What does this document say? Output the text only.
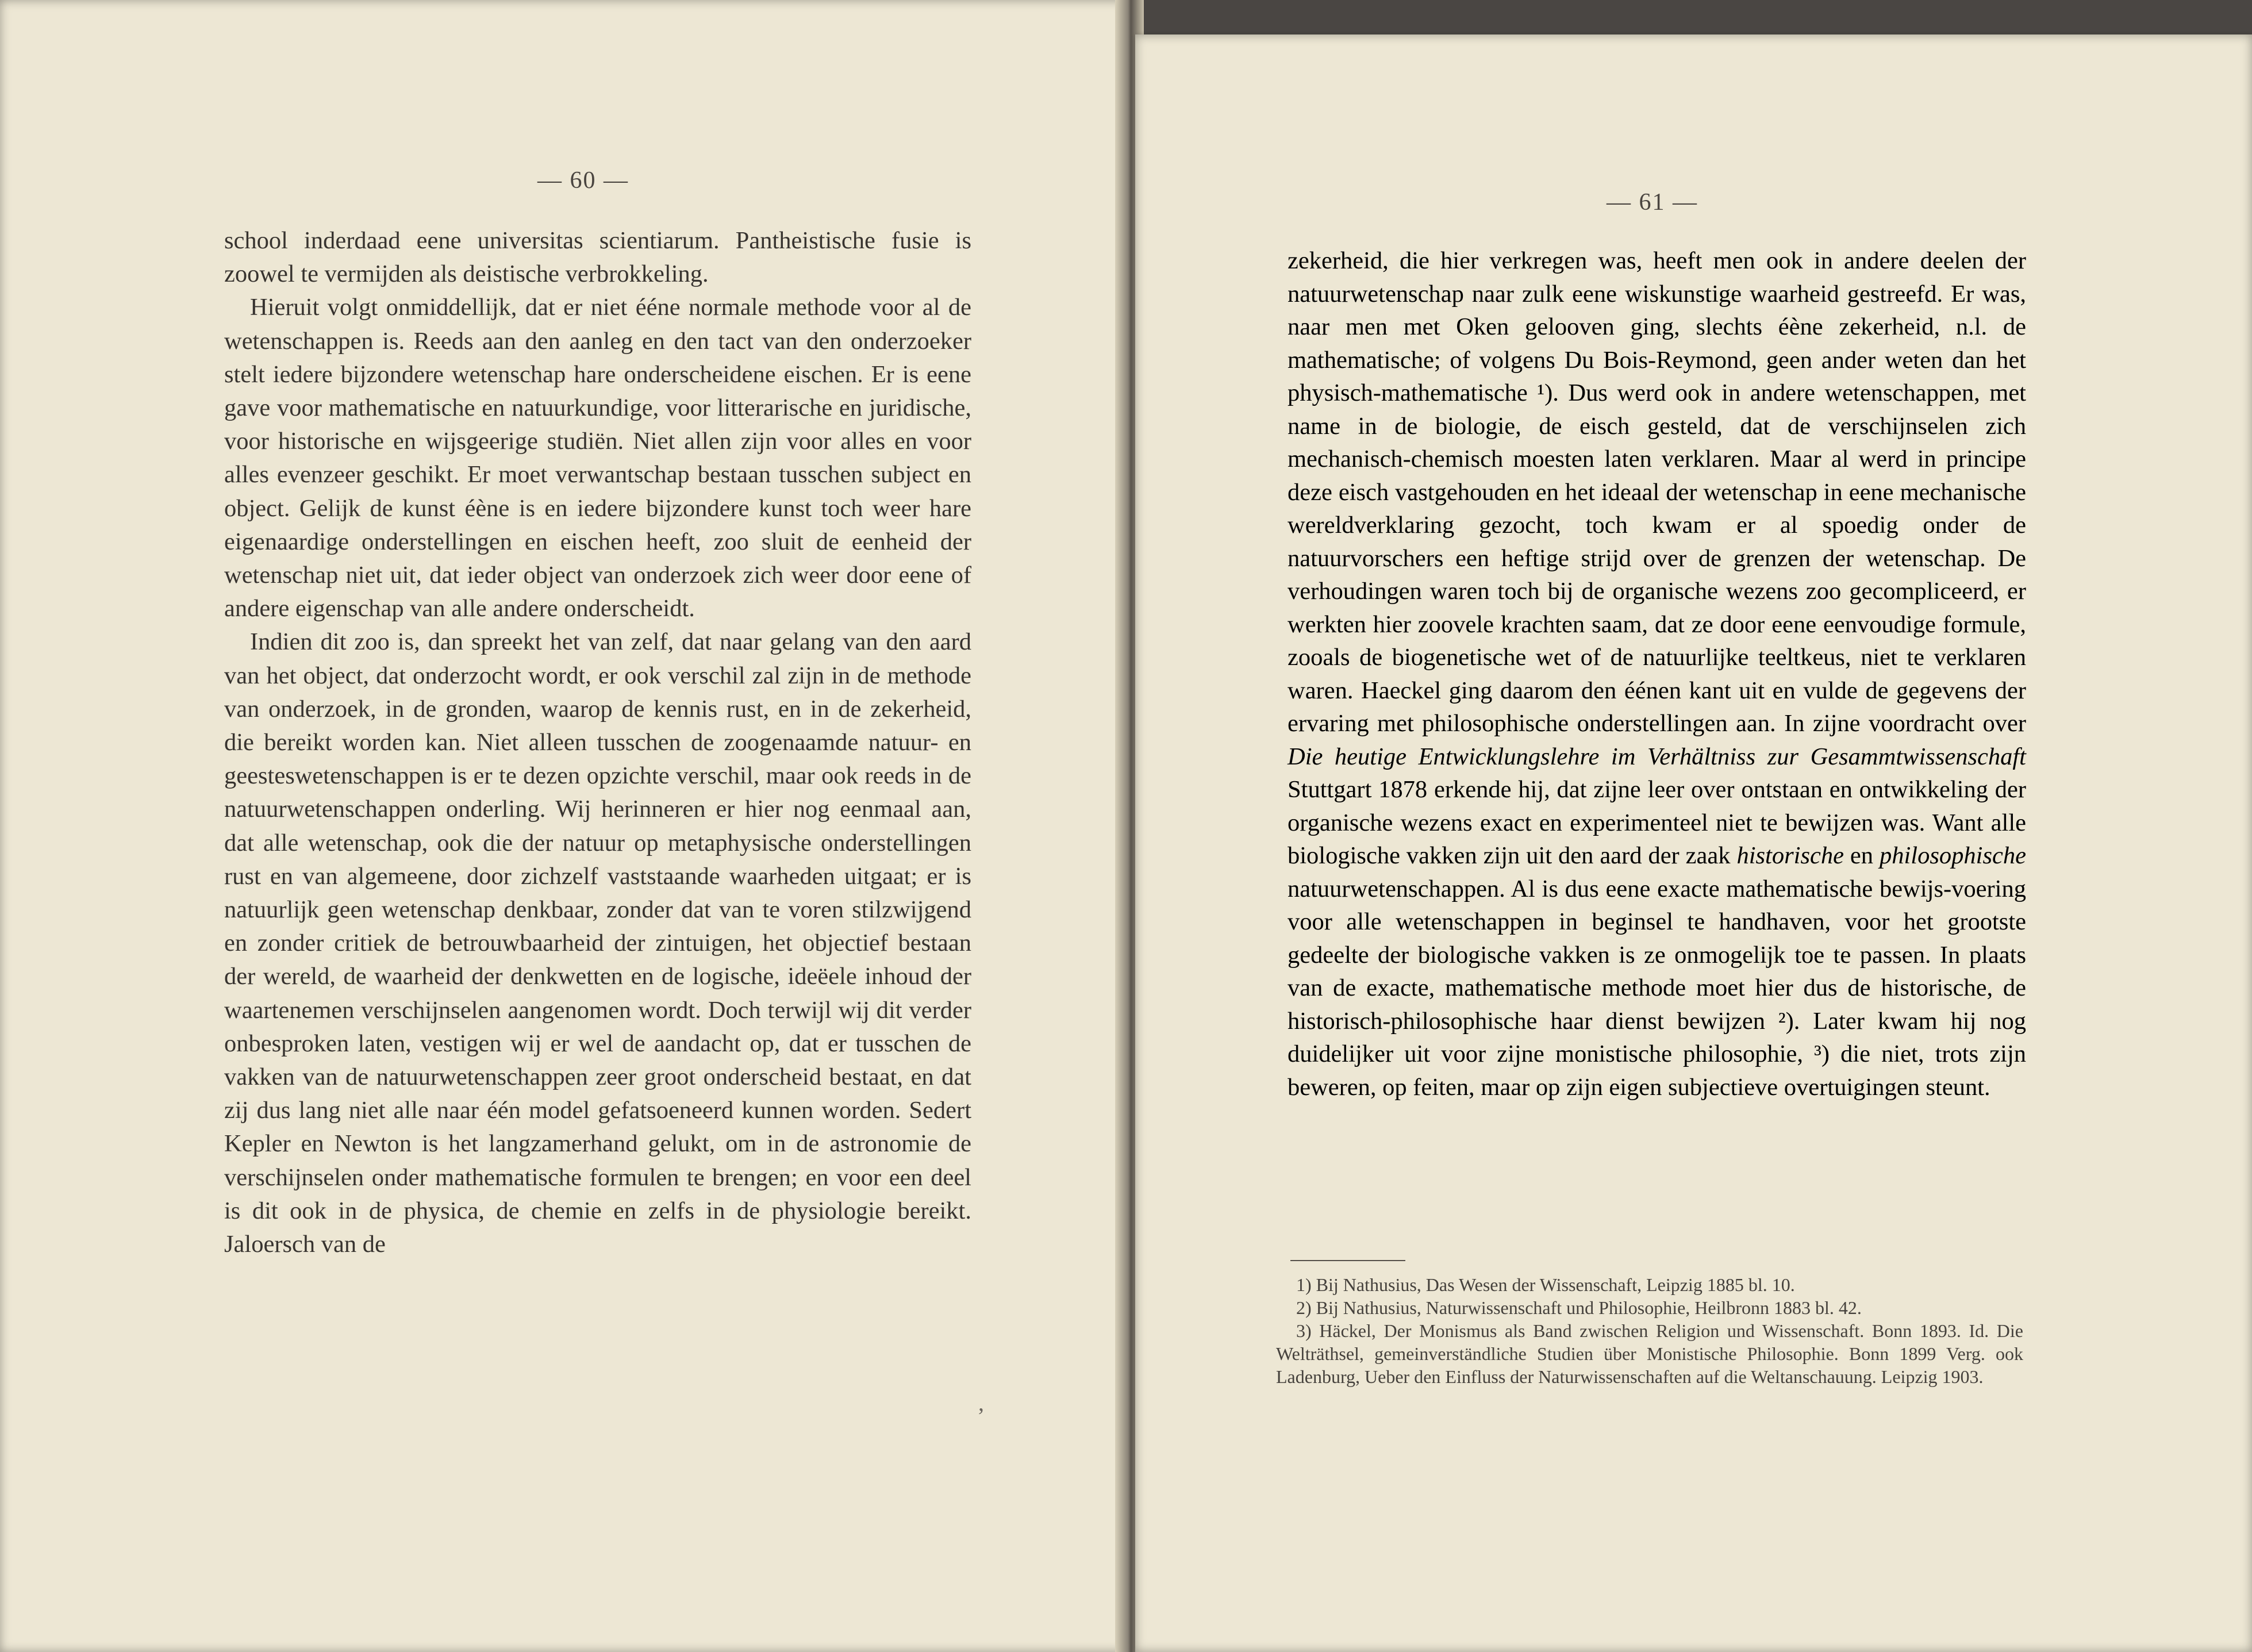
— 60 —

school inderdaad eene universitas scientiarum. Pantheistische fusie is zoowel te vermijden als deistische verbrokkeling.

Hieruit volgt onmiddellijk, dat er niet ééne normale methode voor al de wetenschappen is. Reeds aan den aanleg en den tact van den onderzoeker stelt iedere bijzondere wetenschap hare onderscheidene eischen. Er is eene gave voor mathematische en natuurkundige, voor litterarische en juridische, voor historische en wijsgeerige studiën. Niet allen zijn voor alles en voor alles evenzeer geschikt. Er moet verwantschap bestaan tusschen subject en object. Gelijk de kunst éène is en iedere bijzondere kunst toch weer hare eigenaardige onderstellingen en eischen heeft, zoo sluit de eenheid der wetenschap niet uit, dat ieder object van onderzoek zich weer door eene of andere eigenschap van alle andere onderscheidt.

Indien dit zoo is, dan spreekt het van zelf, dat naar gelang van den aard van het object, dat onderzocht wordt, er ook verschil zal zijn in de methode van onderzoek, in de gronden, waarop de kennis rust, en in de zekerheid, die bereikt worden kan. Niet alleen tusschen de zoogenaamde natuur- en geesteswetenschappen is er te dezen opzichte verschil, maar ook reeds in de natuurwetenschappen onderling. Wij herinneren er hier nog eenmaal aan, dat alle wetenschap, ook die der natuur op metaphysische onderstellingen rust en van algemeene, door zichzelf vaststaande waarheden uitgaat; er is natuurlijk geen wetenschap denkbaar, zonder dat van te voren stilzwijgend en zonder critiek de betrouwbaarheid der zintuigen, het objectief bestaan der wereld, de waarheid der denkwetten en de logische, ideëele inhoud der waartenemen verschijnselen aangenomen wordt. Doch terwijl wij dit verder onbesproken laten, vestigen wij er wel de aandacht op, dat er tusschen de vakken van de natuurwetenschappen zeer groot onderscheid bestaat, en dat zij dus lang niet alle naar één model gefatsoeneerd kunnen worden. Sedert Kepler en Newton is het langzamerhand gelukt, om in de astronomie de verschijnselen onder mathematische formulen te brengen; en voor een deel is dit ook in de physica, de chemie en zelfs in de physiologie bereikt. Jaloersch van de

ʼ
— 61 —

zekerheid, die hier verkregen was, heeft men ook in andere deelen der natuurwetenschap naar zulk eene wiskunstige waarheid gestreefd. Er was, naar men met Oken gelooven ging, slechts éène zekerheid, n.l. de mathematische; of volgens Du Bois-Reymond, geen ander weten dan het physisch-mathematische ¹). Dus werd ook in andere wetenschappen, met name in de biologie, de eisch gesteld, dat de verschijnselen zich mechanisch-chemisch moesten laten verklaren. Maar al werd in principe deze eisch vastgehouden en het ideaal der wetenschap in eene mechanische wereldverklaring gezocht, toch kwam er al spoedig onder de natuurvorschers een heftige strijd over de grenzen der wetenschap. De verhoudingen waren toch bij de organische wezens zoo gecompliceerd, er werkten hier zoovele krachten saam, dat ze door eene eenvoudige formule, zooals de biogenetische wet of de natuurlijke teeltkeus, niet te verklaren waren. Haeckel ging daarom den éénen kant uit en vulde de gegevens der ervaring met philosophische onderstellingen aan. In zijne voordracht over Die heutige Entwicklungslehre im Verhältniss zur Gesammtwissenschaft Stuttgart 1878 erkende hij, dat zijne leer over ontstaan en ontwikkeling der organische wezens exact en experimenteel niet te bewijzen was. Want alle biologische vakken zijn uit den aard der zaak historische en philosophische natuurwetenschappen. Al is dus eene exacte mathematische bewijs-voering voor alle wetenschappen in beginsel te handhaven, voor het grootste gedeelte der biologische vakken is ze onmogelijk toe te passen. In plaats van de exacte, mathematische methode moet hier dus de historische, de historisch-philosophische haar dienst bewijzen ²). Later kwam hij nog duidelijker uit voor zijne monistische philosophie, ³) die niet, trots zijn beweren, op feiten, maar op zijn eigen subjectieve overtuigingen steunt.

1) Bij Nathusius, Das Wesen der Wissenschaft, Leipzig 1885 bl. 10.

2) Bij Nathusius, Naturwissenschaft und Philosophie, Heilbronn 1883 bl. 42.

3) Häckel, Der Monismus als Band zwischen Religion und Wissenschaft. Bonn 1893. Id. Die Welträthsel, gemeinverständliche Studien über Monistische Philosophie. Bonn 1899 Verg. ook Ladenburg, Ueber den Einfluss der Naturwissenschaften auf die Weltanschauung. Leipzig 1903.
